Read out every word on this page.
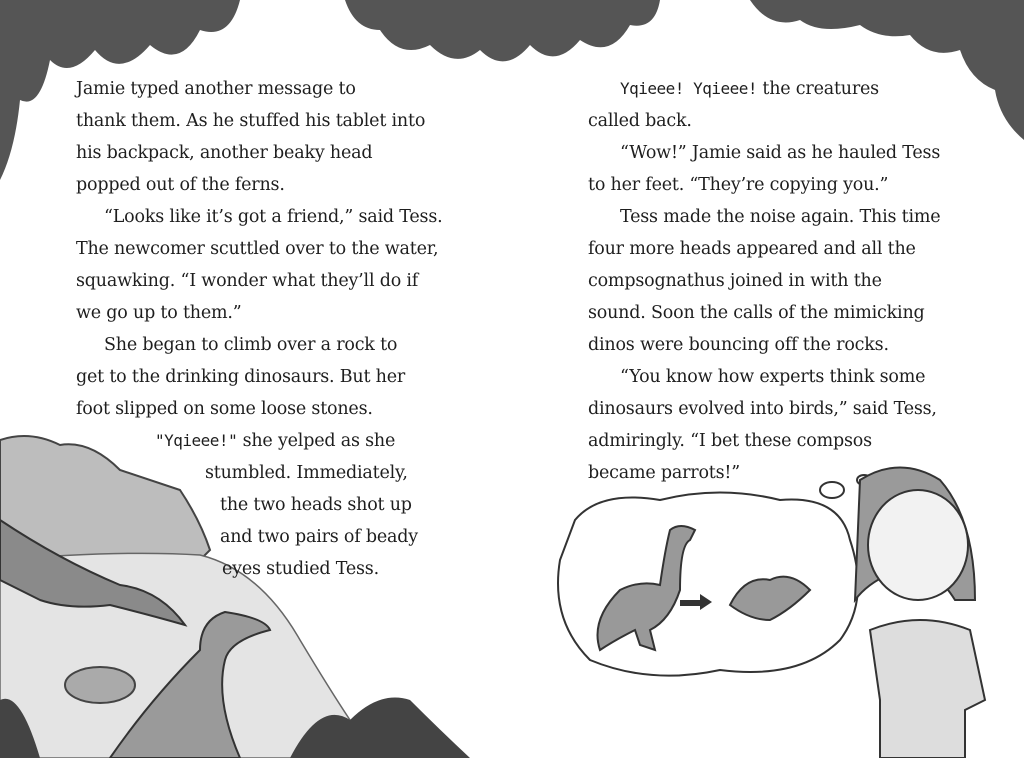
Jamie typed another message to
thank them. As he stuffed his tablet into
his backpack, another beaky head
popped out of the ferns.
“Looks like it’s got a friend,” said Tess.
The newcomer scuttled over to the water,
squawking. “I wonder what they’ll do if
we go up to them.”
She began to climb over a rock to
get to the drinking dinosaurs. But her
foot slipped on some loose stones.
"Yqieee!" she yelped as she
stumbled. Immediately,
the two heads shot up
and two pairs of beady
eyes studied Tess.
Yqieee! Yqieee! the creatures
called back.
“Wow!” Jamie said as he hauled Tess
to her feet. “They’re copying you.”
Tess made the noise again. This time
four more heads appeared and all the
compsognathus joined in with the
sound. Soon the calls of the mimicking
dinos were bouncing off the rocks.
“You know how experts think some
dinosaurs evolved into birds,” said Tess,
admiringly. “I bet these compsos
became parrots!”
